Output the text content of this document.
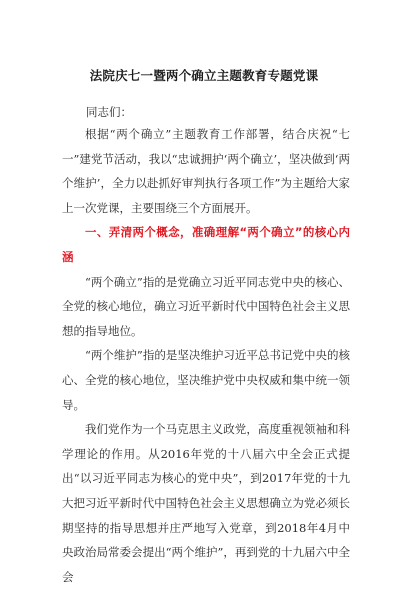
法院庆七一暨两个确立主题教育专题党课
同志们：

根据“两个确立”主题教育工作部署，结合庆祝“七一”建党节活动，我以“忠诚拥护‘两个确立’，坚决做到‘两个维护’，全力以赴抓好审判执行各项工作”为主题给大家上一次党课，主要围绕三个方面展开。

一、弄清两个概念，准确理解“两个确立”的核心内涵

“两个确立”指的是党确立习近平同志党中央的核心、全党的核心地位，确立习近平新时代中国特色社会主义思想的指导地位。

“两个维护”指的是坚决维护习近平总书记党中央的核心、全党的核心地位，坚决维护党中央权威和集中统一领导。

我们党作为一个马克思主义政党，高度重视领袖和科学理论的作用。从2016年党的十八届六中全会正式提出“以习近平同志为核心的党中央”，到2017年党的十九大把习近平新时代中国特色社会主义思想确立为党必须长期坚持的指导思想并庄严地写入党章，到2018年4月中央政治局常委会提出“两个维护”，再到党的十九届六中全会
